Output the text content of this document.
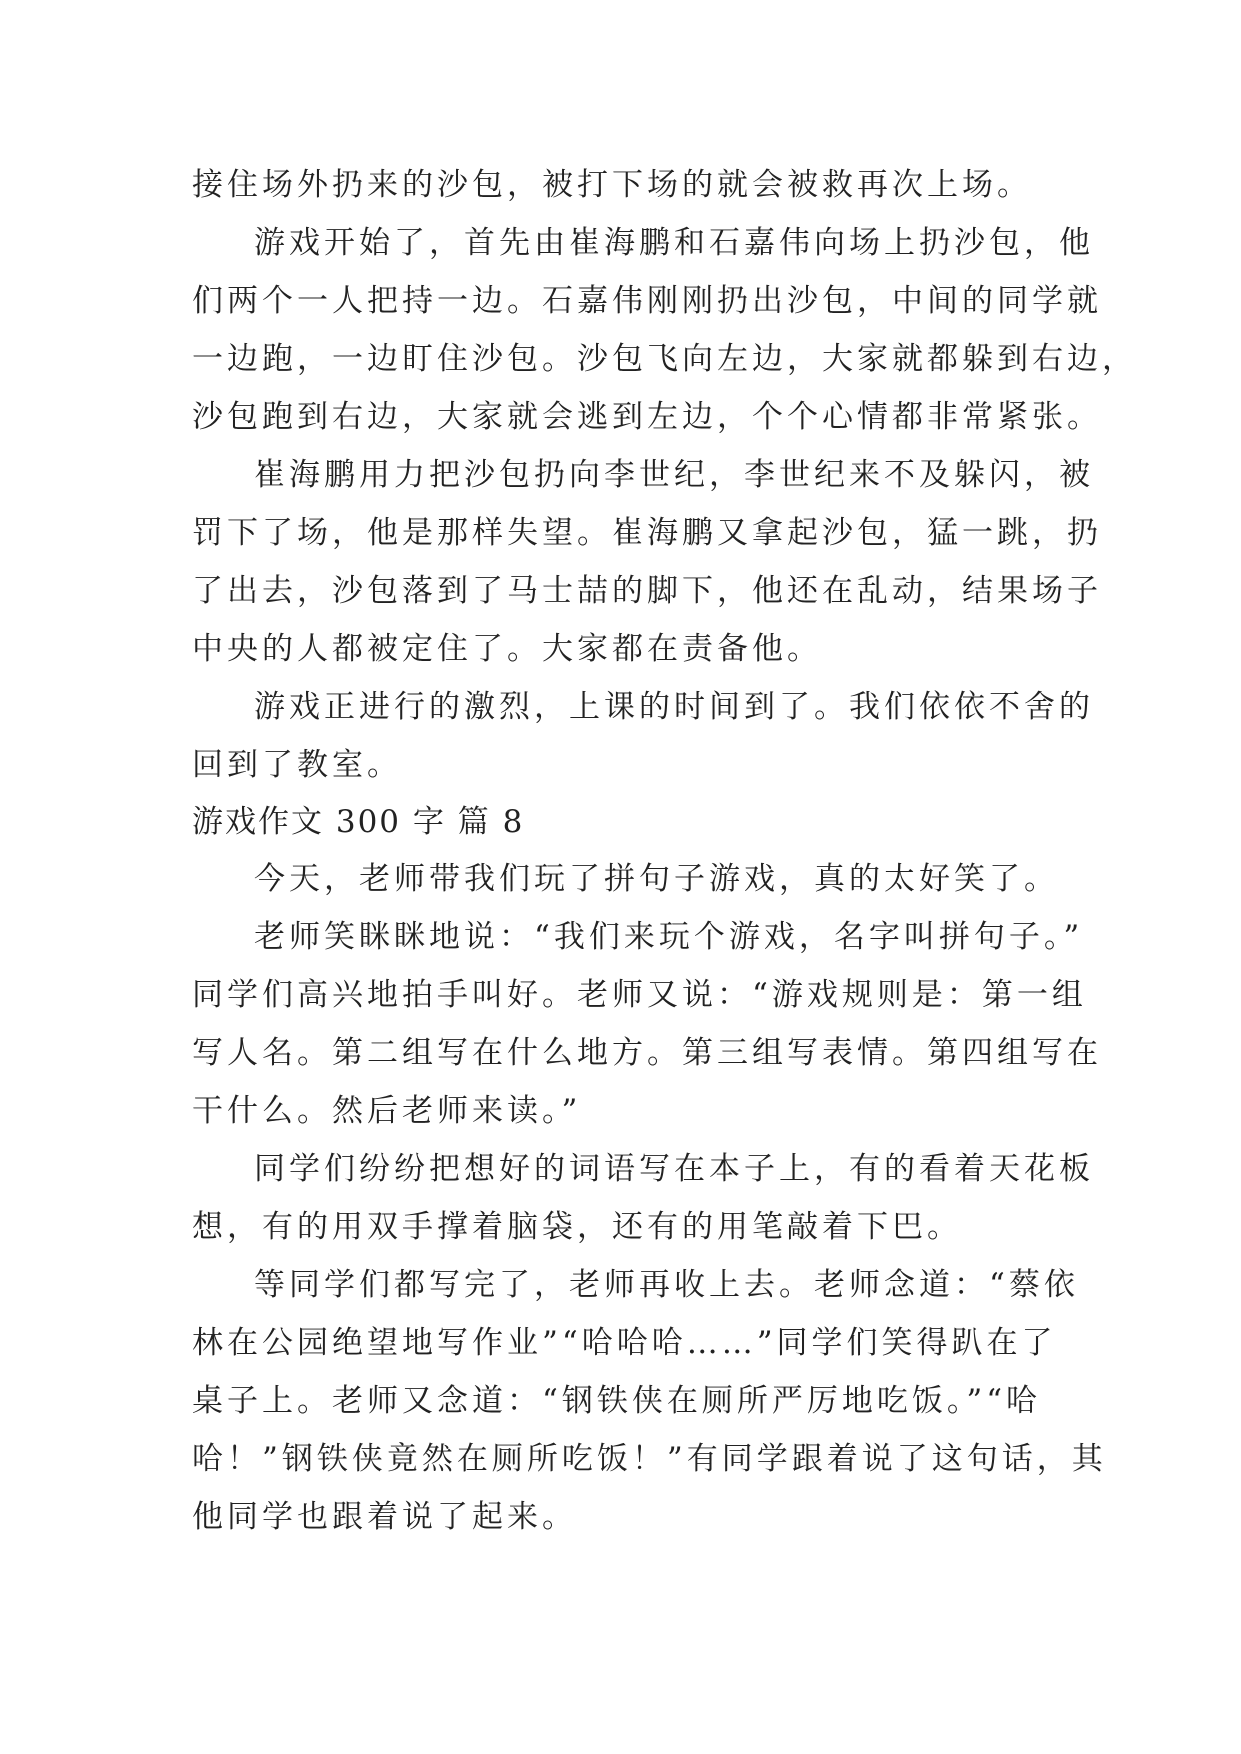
接住场外扔来的沙包，被打下场的就会被救再次上场。
游戏开始了，首先由崔海鹏和石嘉伟向场上扔沙包，他
们两个一人把持一边。石嘉伟刚刚扔出沙包，中间的同学就
一边跑，一边盯住沙包。沙包飞向左边，大家就都躲到右边，
沙包跑到右边，大家就会逃到左边，个个心情都非常紧张。
崔海鹏用力把沙包扔向李世纪，李世纪来不及躲闪，被
罚下了场，他是那样失望。崔海鹏又拿起沙包，猛一跳，扔
了出去，沙包落到了马士喆的脚下，他还在乱动，结果场子
中央的人都被定住了。大家都在责备他。
游戏正进行的激烈，上课的时间到了。我们依依不舍的
回到了教室。
游戏作文 300 字 篇 8
今天，老师带我们玩了拼句子游戏，真的太好笑了。
老师笑眯眯地说：“我们来玩个游戏，名字叫拼句子。”
同学们高兴地拍手叫好。老师又说：“游戏规则是：第一组
写人名。第二组写在什么地方。第三组写表情。第四组写在
干什么。然后老师来读。”
同学们纷纷把想好的词语写在本子上，有的看着天花板
想，有的用双手撑着脑袋，还有的用笔敲着下巴。
等同学们都写完了，老师再收上去。老师念道：“蔡依
林在公园绝望地写作业”“哈哈哈……”同学们笑得趴在了
桌子上。老师又念道：“钢铁侠在厕所严厉地吃饭。”“哈
哈！”钢铁侠竟然在厕所吃饭！”有同学跟着说了这句话，其
他同学也跟着说了起来。
